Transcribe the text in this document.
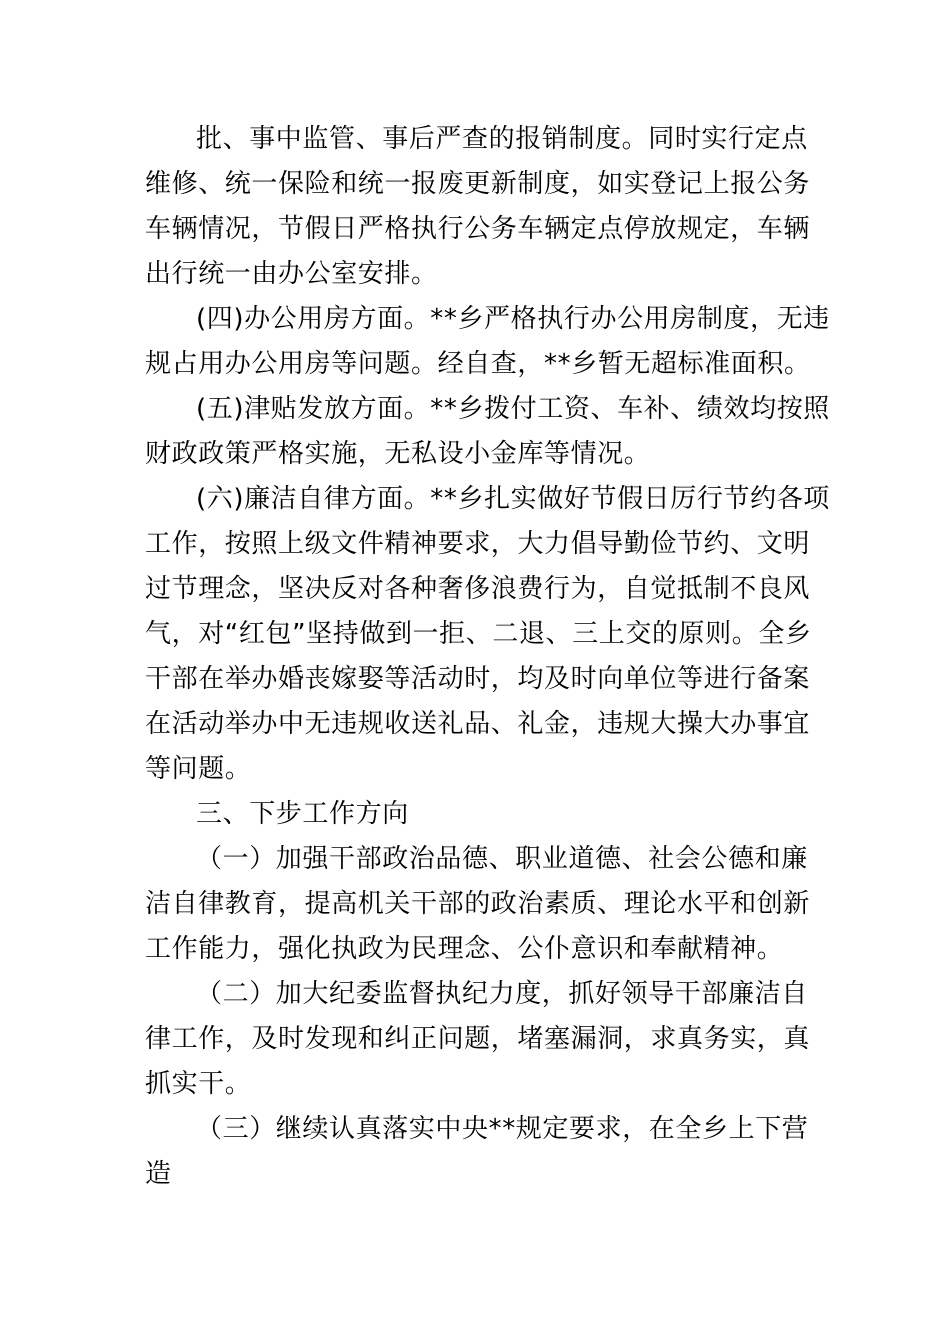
批、事中监管、事后严查的报销制度。同时实行定点
维修、统一保险和统一报废更新制度，如实登记上报公务
车辆情况，节假日严格执行公务车辆定点停放规定，车辆
出行统一由办公室安排。
(四)办公用房方面。**乡严格执行办公用房制度，无违
规占用办公用房等问题。经自查，**乡暂无超标准面积。
(五)津贴发放方面。**乡拨付工资、车补、绩效均按照
财政政策严格实施，无私设小金库等情况。
(六)廉洁自律方面。**乡扎实做好节假日厉行节约各项
工作，按照上级文件精神要求，大力倡导勤俭节约、文明
过节理念，坚决反对各种奢侈浪费行为，自觉抵制不良风
气，对“红包”坚持做到一拒、二退、三上交的原则。全乡
干部在举办婚丧嫁娶等活动时，均及时向单位等进行备案
在活动举办中无违规收送礼品、礼金，违规大操大办事宜
等问题。
三、下步工作方向
（一）加强干部政治品德、职业道德、社会公德和廉
洁自律教育，提高机关干部的政治素质、理论水平和创新
工作能力，强化执政为民理念、公仆意识和奉献精神。
（二）加大纪委监督执纪力度，抓好领导干部廉洁自
律工作，及时发现和纠正问题，堵塞漏洞，求真务实，真
抓实干。
（三）继续认真落实中央**规定要求，在全乡上下营
造
